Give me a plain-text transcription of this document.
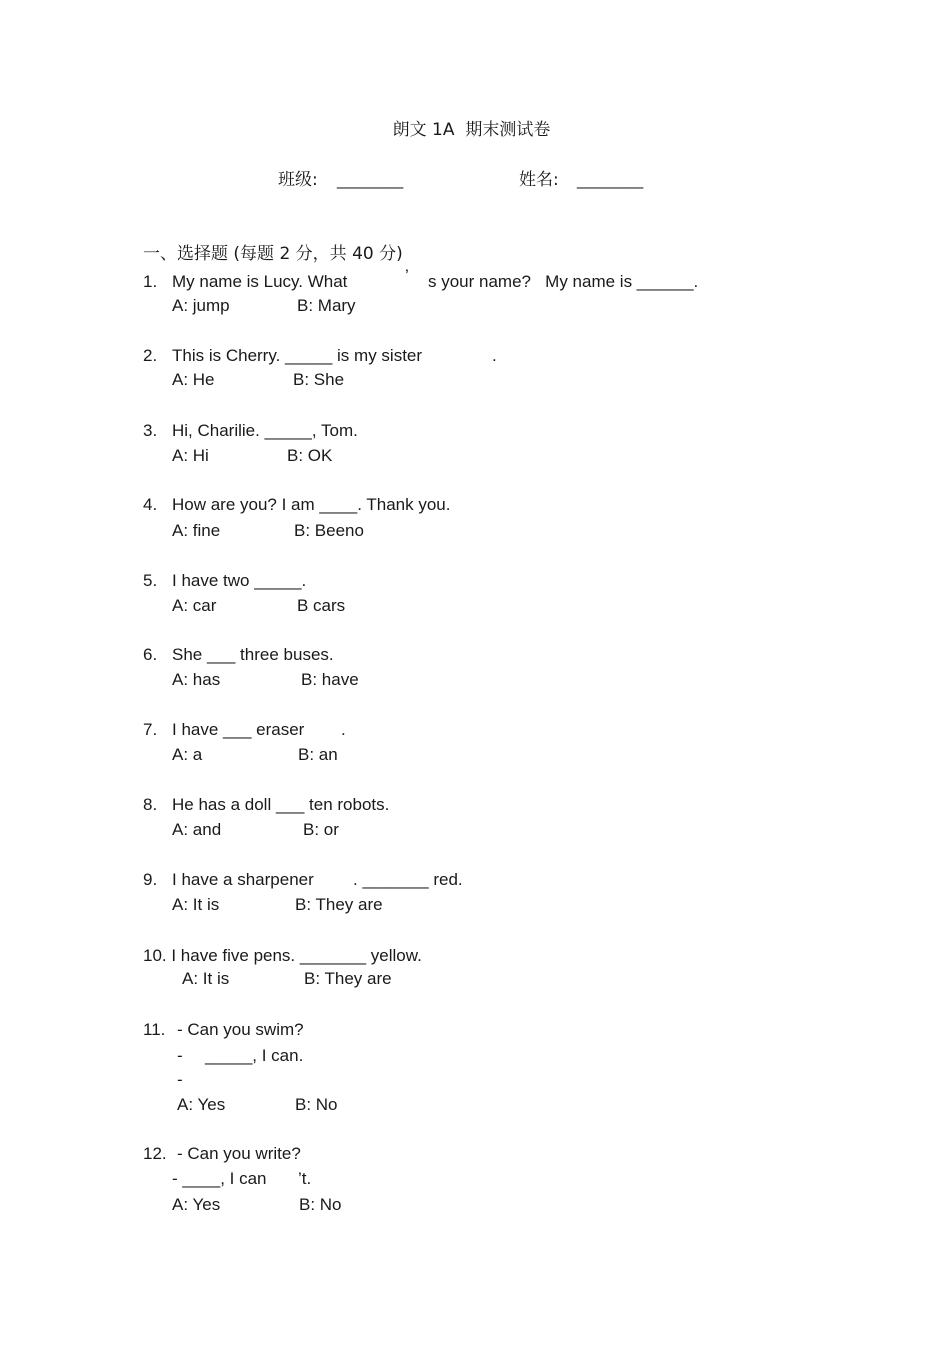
朗文 1A  期末测试卷
班级: _______	姓名: _______
一、选择题 (每题 2 分，共 40 分)
1. My name is Lucy. What	’ s your name?   My name is ______.
A: jump	B: Mary
2. This is Cherry. _____ is my sister	.
A: He	B: She
3. Hi, Charilie. _____, Tom.
A: Hi	B: OK
4. How are you? I am ____. Thank you.
A: fine	B: Beeno
5. I have two _____.
A: car	B cars
6. She ___ three buses.
A: has	B: have
7. I have ___ eraser .
A: a	B: an
8. He has a doll ___ ten robots.
A: and	B: or
9. I have a sharpener . _______ red.
A: It is	B: They are
10. I have five pens. _______ yellow.
A: It is	B: They are
11. - Can you swim?
- _____, I can.
-
A: Yes	B: No
12. - Can you write?
- ____, I can ’t.
A: Yes	B: No
